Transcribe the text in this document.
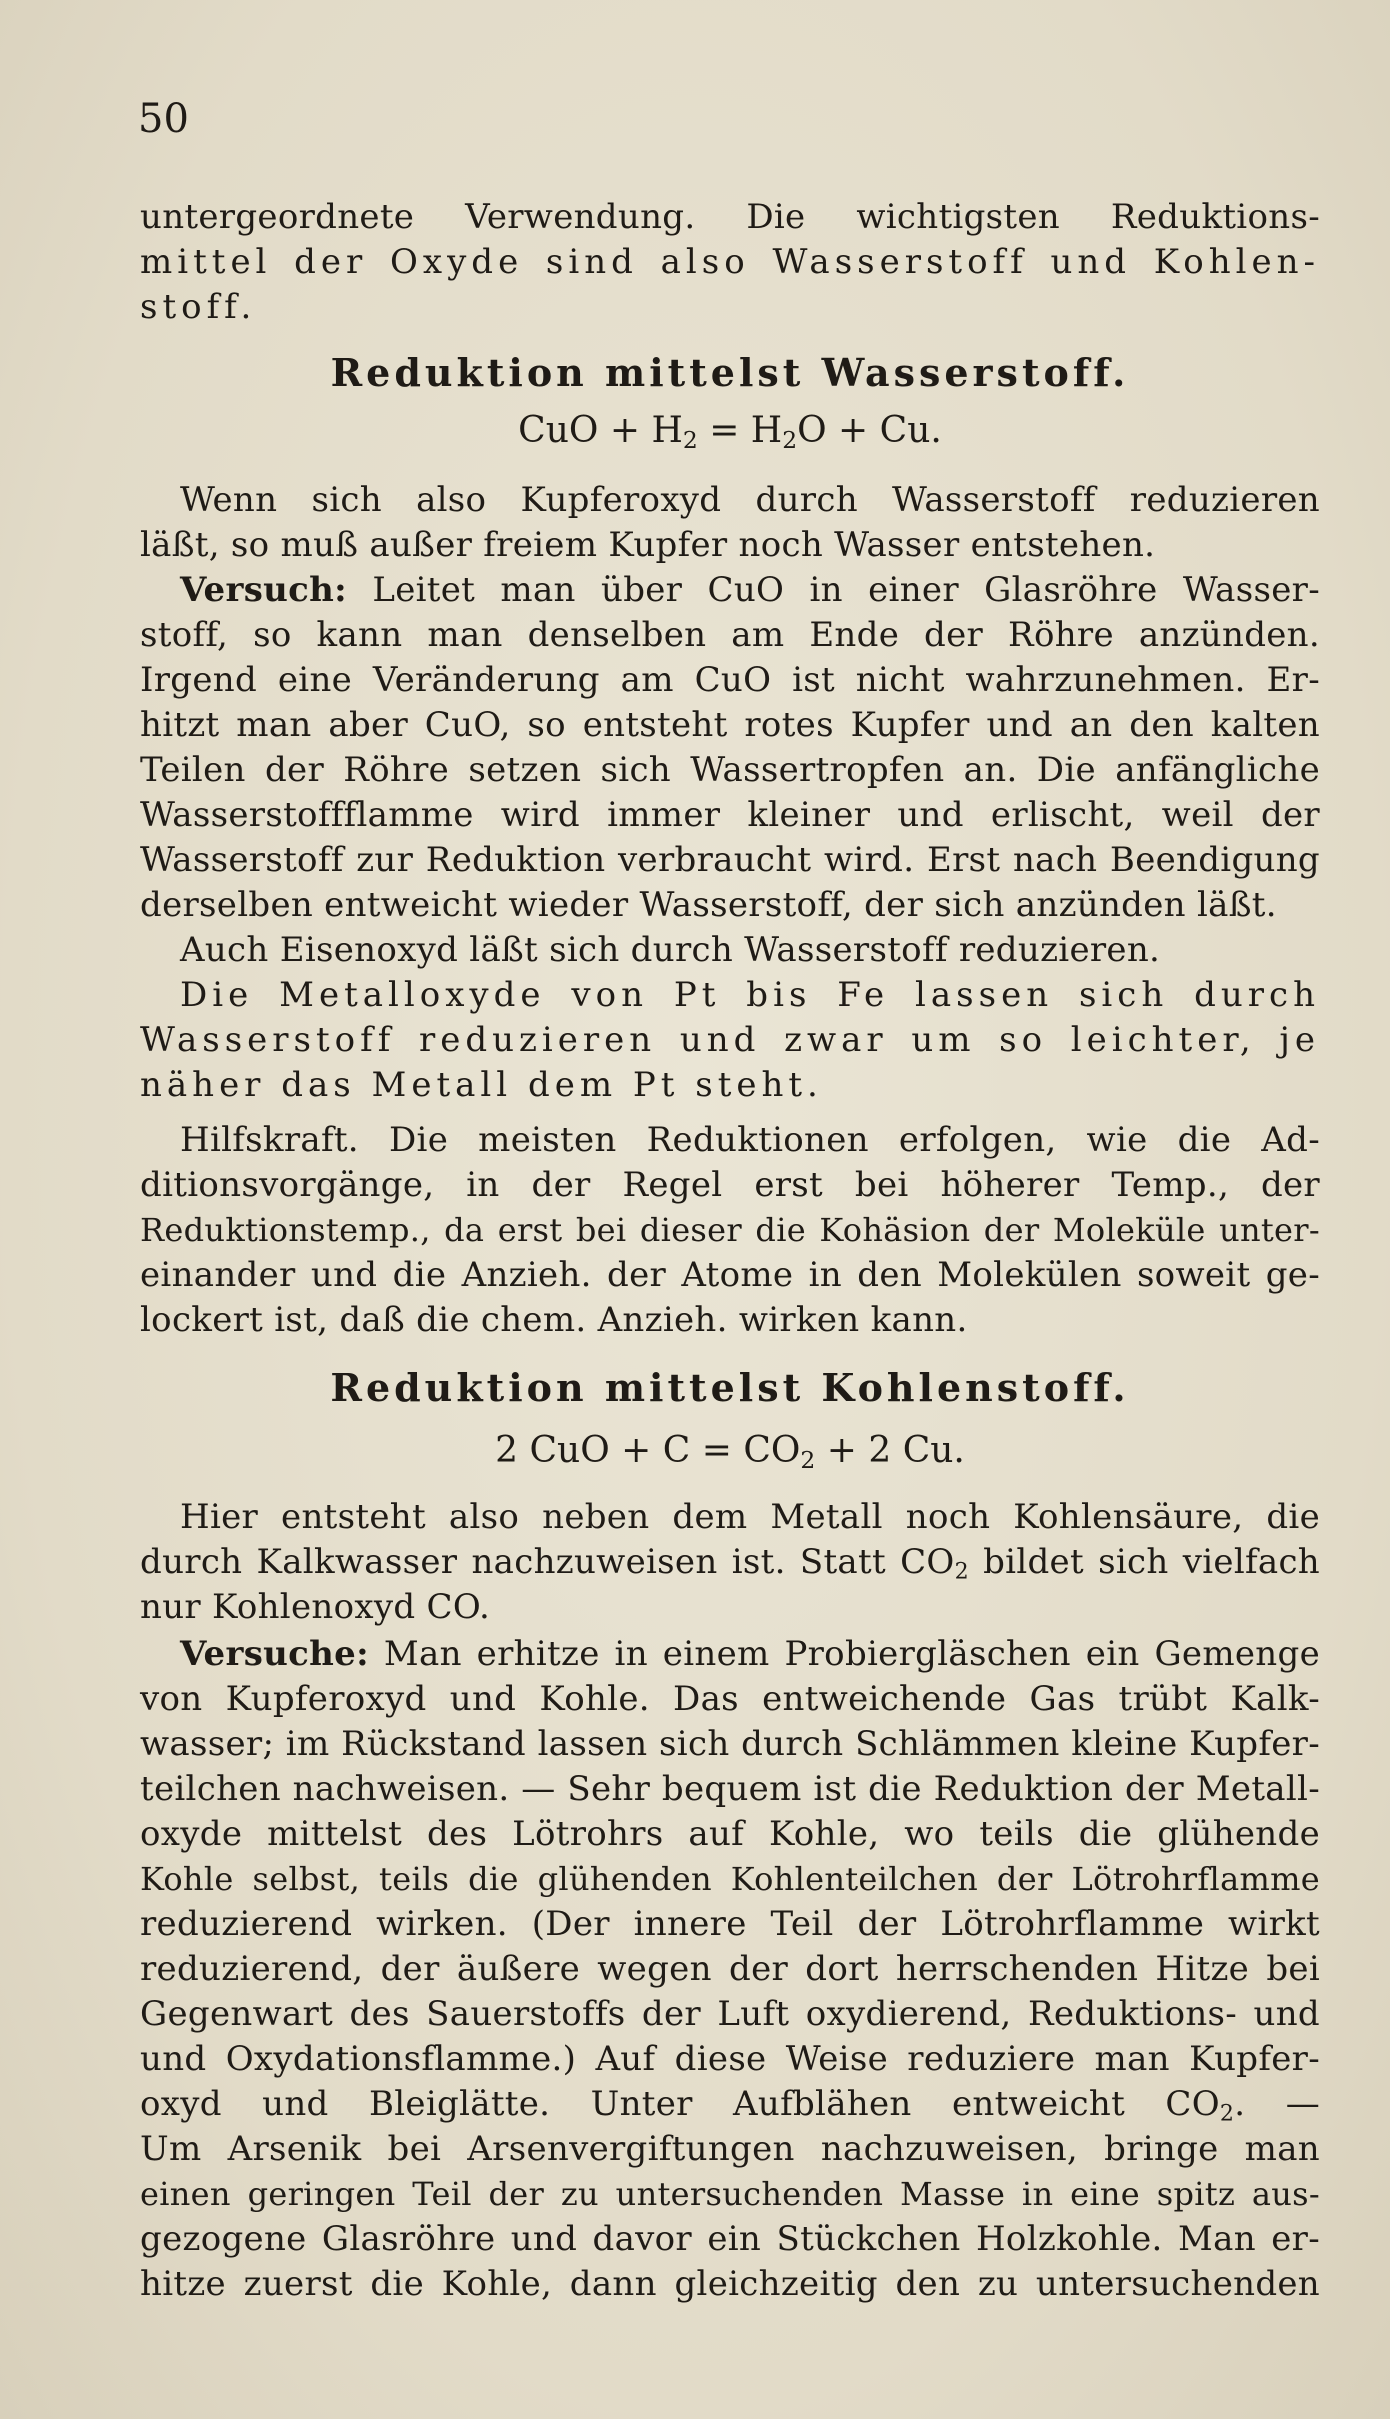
50
untergeordnete Verwendung. Die wichtigsten Reduktions-
mittel der Oxyde sind also Wasserstoff und Kohlen-
stoff.
Reduktion mittelst Wasserstoff.
CuO + $H_2 = H_2O + Cu$.
Wenn sich also Kupferoxyd durch Wasserstoff reduzieren
läßt, so muß außer freiem Kupfer noch Wasser entstehen.
Versuch: Leitet man über CuO in einer Glasröhre Wasser-
stoff, so kann man denselben am Ende der Röhre anzünden.
Irgend eine Veränderung am CuO ist nicht wahrzunehmen. Er-
hitzt man aber CuO, so entsteht rotes Kupfer und an den kalten
Teilen der Röhre setzen sich Wassertropfen an. Die anfängliche
Wasserstoffflamme wird immer kleiner und erlischt, weil der
Wasserstoff zur Reduktion verbraucht wird. Erst nach Beendigung
derselben entweicht wieder Wasserstoff, der sich anzünden läßt.
Auch Eisenoxyd läßt sich durch Wasserstoff reduzieren.
Die Metalloxyde von Pt bis Fe lassen sich durch
Wasserstoff reduzieren und zwar um so leichter, je
näher das Metall dem Pt steht.
Hilfskraft. Die meisten Reduktionen erfolgen, wie die Ad-
ditionsvorgänge, in der Regel erst bei höherer Temp., der
Reduktionstemp., da erst bei dieser die Kohäsion der Moleküle unter-
einander und die Anzieh. der Atome in den Molekülen soweit ge-
lockert ist, daß die chem. Anzieh. wirken kann.
Reduktion mittelst Kohlenstoff.
2 CuO + $C = CO_2 + 2$ Cu.
Hier entsteht also neben dem Metall noch Kohlensäure, die
durch Kalkwasser nachzuweisen ist. Statt $CO_2$ bildet sich vielfach
nur Kohlenoxyd CO.
Versuche: Man erhitze in einem Probiergläschen ein Gemenge
von Kupferoxyd und Kohle. Das entweichende Gas trübt Kalk-
wasser; im Rückstand lassen sich durch Schlämmen kleine Kupfer-
teilchen nachweisen. — Sehr bequem ist die Reduktion der Metall-
oxyde mittelst des Lötrohrs auf Kohle, wo teils die glühende
Kohle selbst, teils die glühenden Kohlenteilchen der Lötrohrflamme
reduzierend wirken. (Der innere Teil der Lötrohrflamme wirkt
reduzierend, der äußere wegen der dort herrschenden Hitze bei
Gegenwart des Sauerstoffs der Luft oxydierend, Reduktions- und
und Oxydationsflamme.) Auf diese Weise reduziere man Kupfer-
oxyd und Bleiglätte. Unter Aufblähen entweicht $CO_2$. —
Um Arsenik bei Arsenvergiftungen nachzuweisen, bringe man
einen geringen Teil der zu untersuchenden Masse in eine spitz aus-
gezogene Glasröhre und davor ein Stückchen Holzkohle. Man er-
hitze zuerst die Kohle, dann gleichzeitig den zu untersuchenden
